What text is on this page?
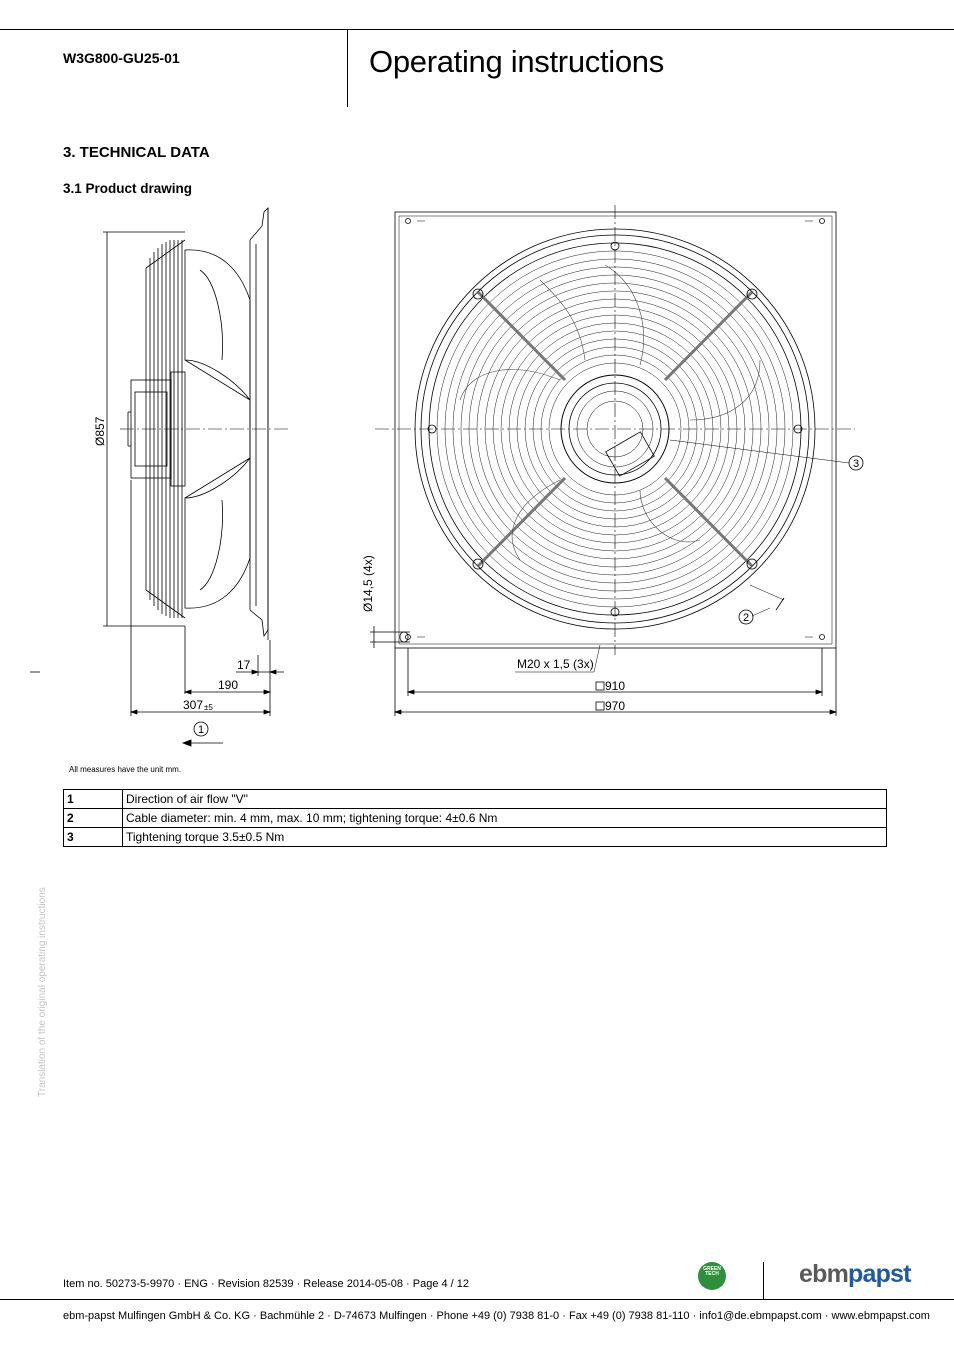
W3G800-GU25-01	Operating instructions
3. TECHNICAL DATA
3.1 Product drawing
Ø857
17
190
307 ±5
1
Ø14,5 (4x)
M20 x 1,5 (3x)
910
970
3
2
All measures have the unit mm.
1	Direction of air flow "V"
2	Cable diameter: min. 4 mm, max. 10 mm; tightening torque: 4±0.6 Nm
3	Tightening torque 3.5±0.5 Nm
Translation of the original operating instructions
Item no. 50273-5-9970 · ENG · Revision 82539 · Release 2014-05-08 · Page 4 / 12
GREEN
TECH	ebmpapst
ebm-papst Mulfingen GmbH & Co. KG · Bachmühle 2 · D-74673 Mulfingen · Phone +49 (0) 7938 81-0 · Fax +49 (0) 7938 81-110 · info1@de.ebmpapst.com · www.ebmpapst.com
